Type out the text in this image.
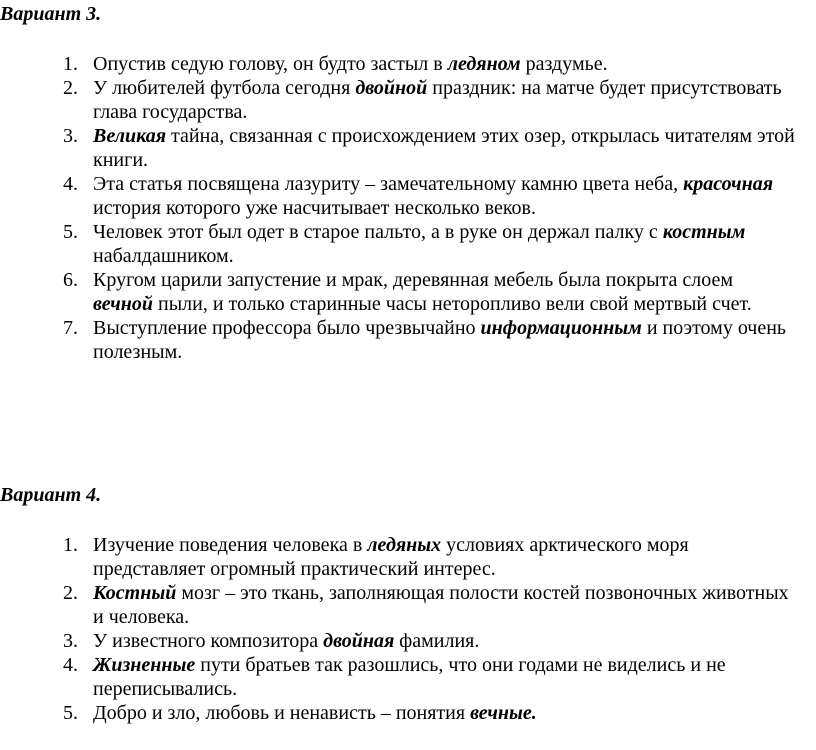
Вариант 3.
1. Опустив седую голову, он будто застыл в ледяном раздумье.
2. У любителей футбола сегодня двойной праздник: на матче будет присутствовать глава государства.
3. Великая тайна, связанная с происхождением этих озер, открылась читателям этой книги.
4. Эта статья посвящена лазуриту – замечательному камню цвета неба, красочная история которого уже насчитывает несколько веков.
5. Человек этот был одет в старое пальто, а в руке он держал палку с костным набалдашником.
6. Кругом царили запустение и мрак, деревянная мебель была покрыта слоем вечной пыли, и только старинные часы неторопливо вели свой мертвый счет.
7. Выступление профессора было чрезвычайно информационным и поэтому очень полезным.
Вариант 4.
1. Изучение поведения человека в ледяных условиях арктического моря представляет огромный практический интерес.
2. Костный мозг – это ткань, заполняющая полости костей позвоночных животных и человека.
3. У известного композитора двойная фамилия.
4. Жизненные пути братьев так разошлись, что они годами не виделись и не переписывались.
5. Добро и зло, любовь и ненависть – понятия вечные.
